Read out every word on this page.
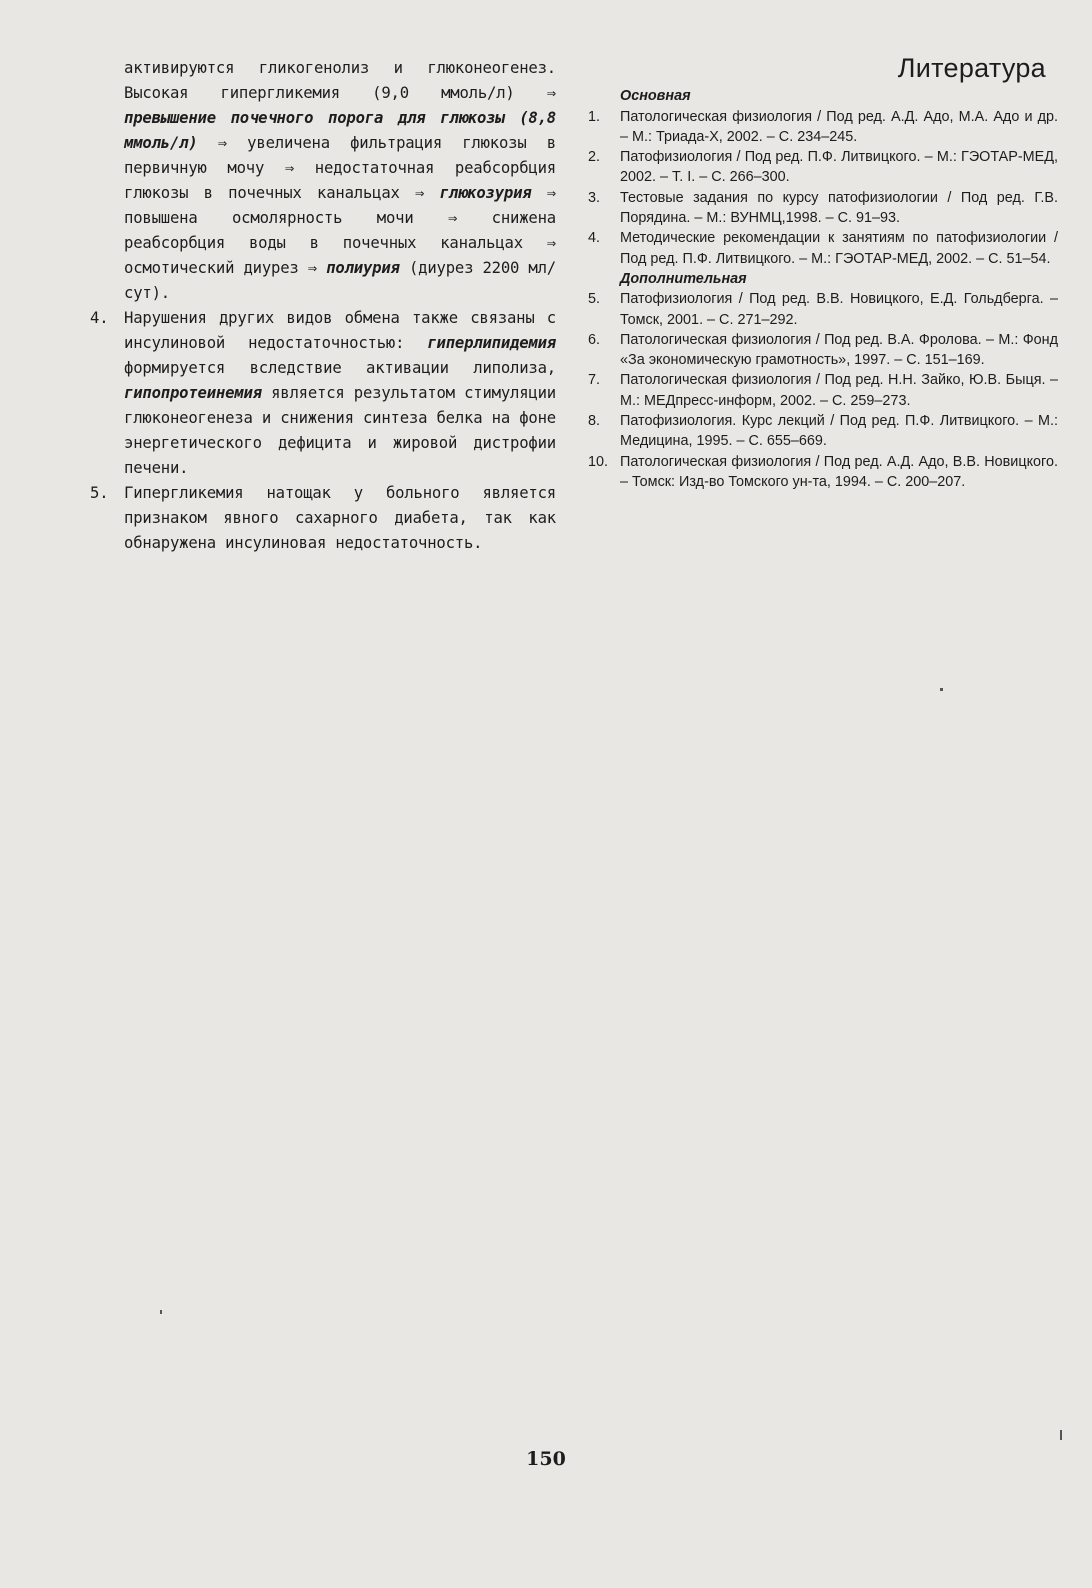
активируются гликогенолиз и глюконеогенез. Высокая гипергликемия (9,0 ммоль/л) ⇒ превышение почечного порога для глюкозы (8,8 ммоль/л) ⇒ увеличена фильтрация глюкозы в первичную мочу ⇒ недостаточная реабсорбция глюкозы в почечных канальцах ⇒ глюкозурия ⇒ повышена осмолярность мочи ⇒ снижена реабсорбция воды в почечных канальцах ⇒ осмотический диурез ⇒ полиурия (диурез 2200 мл/сут).

4. Нарушения других видов обмена также связаны с инсулиновой недостаточностью: гиперлипидемия формируется вследствие активации липолиза, гипопротеинемия является результатом стимуляции глюконеогенеза и снижения синтеза белка на фоне энергетического дефицита и жировой дистрофии печени.

5. Гипергликемия натощак у больного является признаком явного сахарного диабета, так как обнаружена инсулиновая недостаточность.

Литература
Основная
1. Патологическая физиология / Под ред. А.Д. Адо, М.А. Адо и др. – М.: Триада-Х, 2002. – С. 234–245.
2. Патофизиология / Под ред. П.Ф. Литвицкого. – М.: ГЭОТАР-МЕД, 2002. – Т. I. – С. 266–300.
3. Тестовые задания по курсу патофизиологии / Под ред. Г.В. Порядина. – М.: ВУНМЦ,1998. – С. 91–93.
4. Методические рекомендации к занятиям по патофизиологии / Под ред. П.Ф. Литвицкого. – М.: ГЭОТАР-МЕД, 2002. – С. 51–54.
Дополнительная
5. Патофизиология / Под ред. В.В. Новицкого, Е.Д. Гольдберга. – Томск, 2001. – С. 271–292.
6. Патологическая физиология / Под ред. В.А. Фролова. – М.: Фонд «За экономическую грамотность», 1997. – С. 151–169.
7. Патологическая физиология / Под ред. Н.Н. Зайко, Ю.В. Быця. – М.: МЕДпресс-информ, 2002. – С. 259–273.
8. Патофизиология. Курс лекций / Под ред. П.Ф. Литвицкого. – М.: Медицина, 1995. – С. 655–669.
10. Патологическая физиология / Под ред. А.Д. Адо, В.В. Новицкого. – Томск: Изд-во Томского ун-та, 1994. – С. 200–207.
150
